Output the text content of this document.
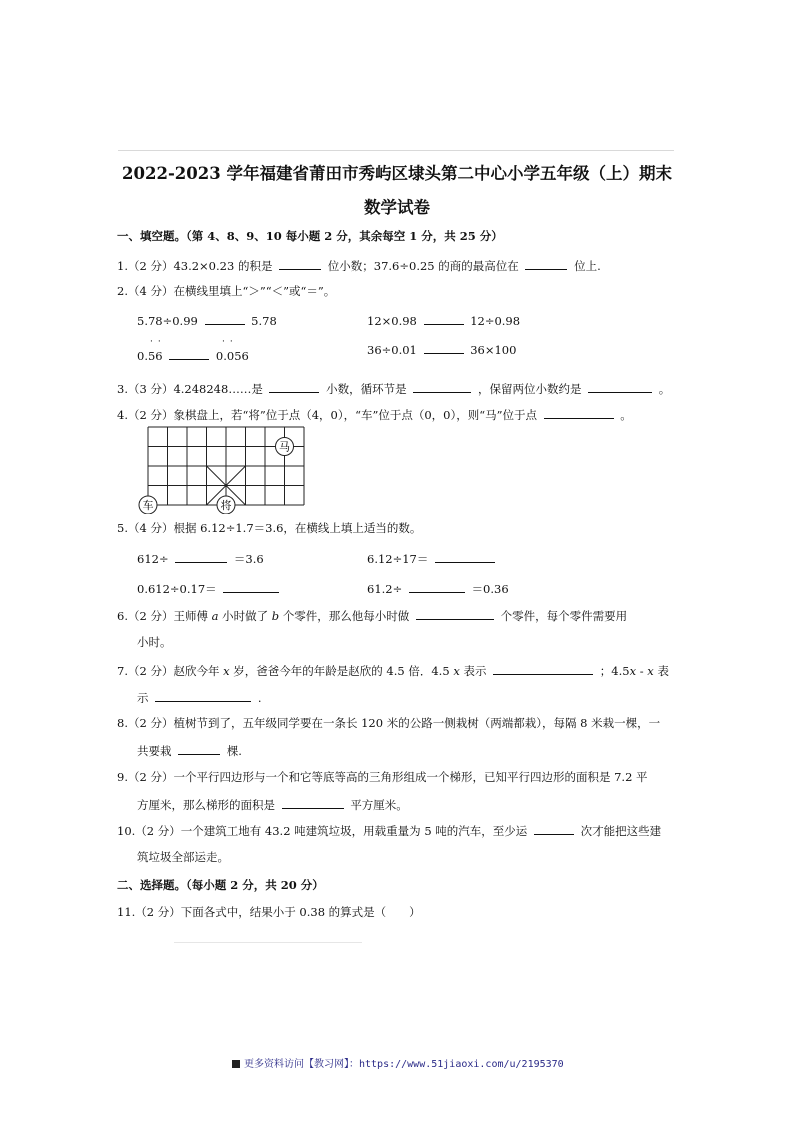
2022-2023 学年福建省莆田市秀屿区埭头第二中心小学五年级（上）期末
数学试卷
一、填空题。（第 4、8、9、10 每小题 2 分，其余每空 1 分，共 25 分）
1.（2 分）43.2×0.23 的积是	位小数；37.6÷0.25 的商的最高位在	位上.
2.（4 分）在横线里填上“＞”“＜”或“＝”。
5.78÷0.99	5.78	12×0.98	12÷0.98
··	··
0.56	0.056	36÷0.01	36×100
3.（3 分）4.248248……是	小数，循环节是	，保留两位小数约是	。
4.（2 分）象棋盘上，若“将”位于点（4，0），“车”位于点（0，0），则“马”位于点	。
马
车	将
5.（4 分）根据 6.12÷1.7＝3.6，在横线上填上适当的数。
612÷	＝3.6	6.12÷17＝
0.612÷0.17＝	61.2÷	＝0.36
6.（2 分）王师傅 a 小时做了 b 个零件，那么他每小时做	个零件，每个零件需要用
小时。
7.（2 分）赵欣今年 x 岁，爸爸今年的年龄是赵欣的 4.5 倍．4.5 x 表示	；4.5x - x 表
示	.
8.（2 分）植树节到了，五年级同学要在一条长 120 米的公路一侧栽树（两端都栽），每隔 8 米栽一棵，一
共要栽	棵.
9.（2 分）一个平行四边形与一个和它等底等高的三角形组成一个梯形，已知平行四边形的面积是 7.2 平
方厘米，那么梯形的面积是	平方厘米。
10.（2 分）一个建筑工地有 43.2 吨建筑垃圾，用载重量为 5 吨的汽车，至少运	次才能把这些建
筑垃圾全部运走。
二、选择题。（每小题 2 分，共 20 分）
11.（2 分）下面各式中，结果小于 0.38 的算式是（　　）
更多资料访问【教习网】：https://www.51jiaoxi.com/u/2195370
